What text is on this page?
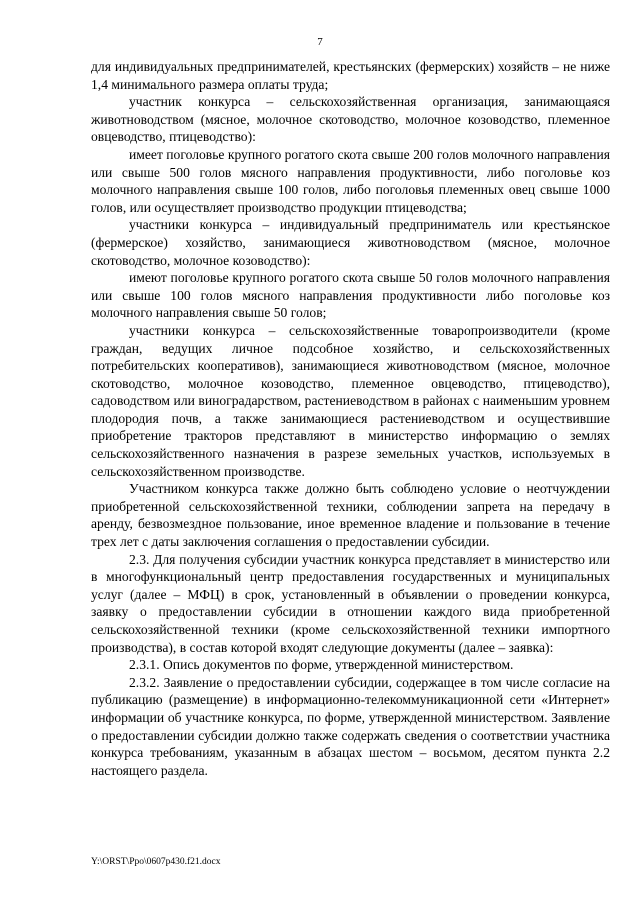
7

для индивидуальных предпринимателей, крестьянских (фермерских) хозяйств – не ниже 1,4 минимального размера оплаты труда;

участник конкурса – сельскохозяйственная организация, занимающаяся животноводством (мясное, молочное скотоводство, молочное козоводство, племенное овцеводство, птицеводство):

имеет поголовье крупного рогатого скота свыше 200 голов молочного направления или свыше 500 голов мясного направления продуктивности, либо поголовье коз молочного направления свыше 100 голов, либо поголовья племенных овец свыше 1000 голов, или осуществляет производство продукции птицеводства;

участники конкурса – индивидуальный предприниматель или крестьянское (фермерское) хозяйство, занимающиеся животноводством (мясное, молочное скотоводство, молочное козоводство):

имеют поголовье крупного рогатого скота свыше 50 голов молочного направления или свыше 100 голов мясного направления продуктивности либо поголовье коз молочного направления свыше 50 голов;

участники конкурса – сельскохозяйственные товаропроизводители (кроме граждан, ведущих личное подсобное хозяйство, и сельскохозяйственных потребительских кооперативов), занимающиеся животноводством (мясное, молочное скотоводство, молочное козоводство, племенное овцеводство, птицеводство), садоводством или виноградарством, растениеводством в районах с наименьшим уровнем плодородия почв, а также занимающиеся растениеводством и осуществившие приобретение тракторов представляют в министерство информацию о землях сельскохозяйственного назначения в разрезе земельных участков, используемых в сельскохозяйственном производстве.

Участником конкурса также должно быть соблюдено условие о неотчуждении приобретенной сельскохозяйственной техники, соблюдении запрета на передачу в аренду, безвозмездное пользование, иное временное владение и пользование в течение трех лет с даты заключения соглашения о предоставлении субсидии.

2.3. Для получения субсидии участник конкурса представляет в министерство или в многофункциональный центр предоставления государственных и муниципальных услуг (далее – МФЦ) в срок, установленный в объявлении о проведении конкурса, заявку о предоставлении субсидии в отношении каждого вида приобретенной сельскохозяйственной техники (кроме сельскохозяйственной техники импортного производства), в состав которой входят следующие документы (далее – заявка):

2.3.1. Опись документов по форме, утвержденной министерством.

2.3.2. Заявление о предоставлении субсидии, содержащее в том числе согласие на публикацию (размещение) в информационно-телекоммуникационной сети «Интернет» информации об участнике конкурса, по форме, утвержденной министерством. Заявление о предоставлении субсидии должно также содержать сведения о соответствии участника конкурса требованиям, указанным в абзацах шестом – восьмом, десятом пункта 2.2 настоящего раздела.

Y:\ORST\Ppo\0607p430.f21.docx
